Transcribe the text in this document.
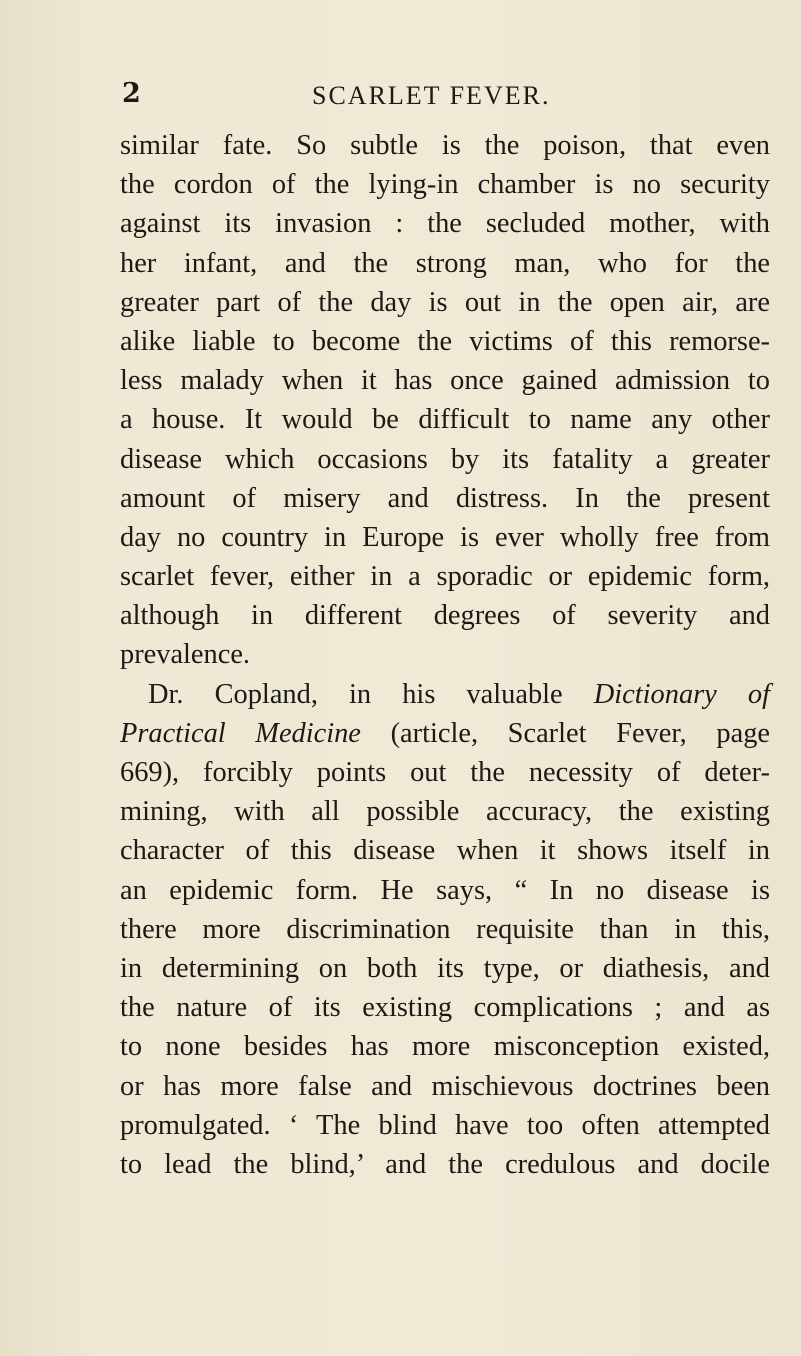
2	SCARLET FEVER.
similar fate. So subtle is the poison, that even
the cordon of the lying-in chamber is no security
against its invasion : the secluded mother, with
her infant, and the strong man, who for the
greater part of the day is out in the open air, are
alike liable to become the victims of this remorse-
less malady when it has once gained admission to
a house. It would be difficult to name any other
disease which occasions by its fatality a greater
amount of misery and distress. In the present
day no country in Europe is ever wholly free from
scarlet fever, either in a sporadic or epidemic form,
although in different degrees of severity and
prevalence.
Dr. Copland, in his valuable Dictionary of
Practical Medicine (article, Scarlet Fever, page
669), forcibly points out the necessity of deter-
mining, with all possible accuracy, the existing
character of this disease when it shows itself in
an epidemic form. He says, “ In no disease is
there more discrimination requisite than in this,
in determining on both its type, or diathesis, and
the nature of its existing complications ; and as
to none besides has more misconception existed,
or has more false and mischievous doctrines been
promulgated. ‘ The blind have too often attempted
to lead the blind,’ and the credulous and docile
